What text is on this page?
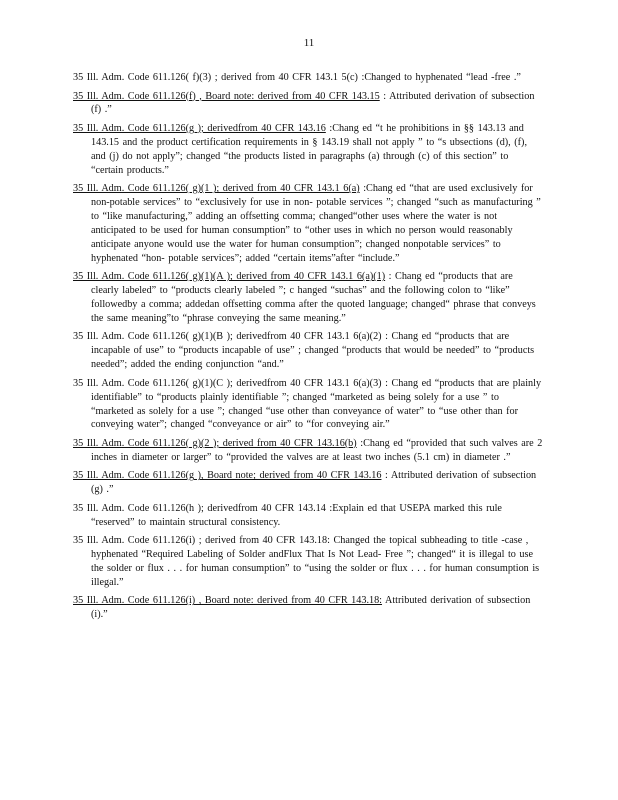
11
35 Ill. Adm. Code 611.126( f)(3) ; derived from 40 CFR 143.1 5(c) :Changed to hyphenated “lead -free .”
35 Ill. Adm. Code 611.126(f) , Board note: derived from 40 CFR 143.15 : Attributed derivation of subsection (f) .”
35 Ill. Adm. Code 611.126(g ); derivedfrom 40 CFR 143.16 :Chang ed “t he prohibitions in §§ 143.13 and 143.15 and the product certification requirements in § 143.19 shall not apply ” to “s ubsections (d), (f), and (j) do not apply”; changed “the products listed in paragraphs (a) through (c) of this section” to “certain products.”
35 Ill. Adm. Code 611.126( g)(1 ); derived from 40 CFR 143.1 6(a) :Chang ed “that are used exclusively for non-potable services” to “exclusively for use in non- potable services ”; changed “such as manufacturing ” to “like manufacturing,” adding an offsetting comma; changed“other uses where the water is not anticipated to be used for human consumption” to “other uses in which no person would reasonably anticipate anyone would use the water for human consumption”; changed nonpotable services” to hyphenated “hon- potable services”; added “certain items”after “include.”
35 Ill. Adm. Code 611.126( g)(1)(A ); derived from 40 CFR 143.1 6(a)(1) : Chang ed “products that are clearly labeled” to “products clearly labeled ”; c hanged “suchas” and the following colon to “like” followedby a comma; addedan offsetting comma after the quoted language; changed“ phrase that conveys the same meaning”to “phrase conveying the same meaning.”
35 Ill. Adm. Code 611.126( g)(1)(B ); derivedfrom 40 CFR 143.1 6(a)(2) : Chang ed “products that are incapable of use” to “products incapable of use” ; changed “products that would be needed” to “products needed”; added the ending conjunction “and.”
35 Ill. Adm. Code 611.126( g)(1)(C ); derivedfrom 40 CFR 143.1 6(a)(3) : Chang ed “products that are plainly identifiable” to “products plainly identifiable ”; changed “marketed as being solely for a use ” to “marketed as solely for a use ”; changed “use other than conveyance of water” to “use other than for conveying water”; changed “conveyance or air” to “for conveying air.”
35 Ill. Adm. Code 611.126( g)(2 ); derived from 40 CFR 143.16(b) :Chang ed “provided that such valves are 2 inches in diameter or larger” to “provided the valves are at least two inches (5.1 cm) in diameter .”
35 Ill. Adm. Code 611.126(g ), Board note; derived from 40 CFR 143.16 : Attributed derivation of subsection (g) .”
35 Ill. Adm. Code 611.126(h ); derivedfrom 40 CFR 143.14 :Explain ed that USEPA marked this rule “reserved” to maintain structural consistency.
35 Ill. Adm. Code 611.126(i) ; derived from 40 CFR 143.18: Changed the topical subheading to title -case , hyphenated “Required Labeling of Solder andFlux That Is Not Lead- Free ”; changed“ it is illegal to use the solder or flux . . . for human consumption” to “using the solder or flux . . . for human consumption is illegal.”
35 Ill. Adm. Code 611.126(i) , Board note: derived from 40 CFR 143.18: Attributed derivation of subsection (i).”
